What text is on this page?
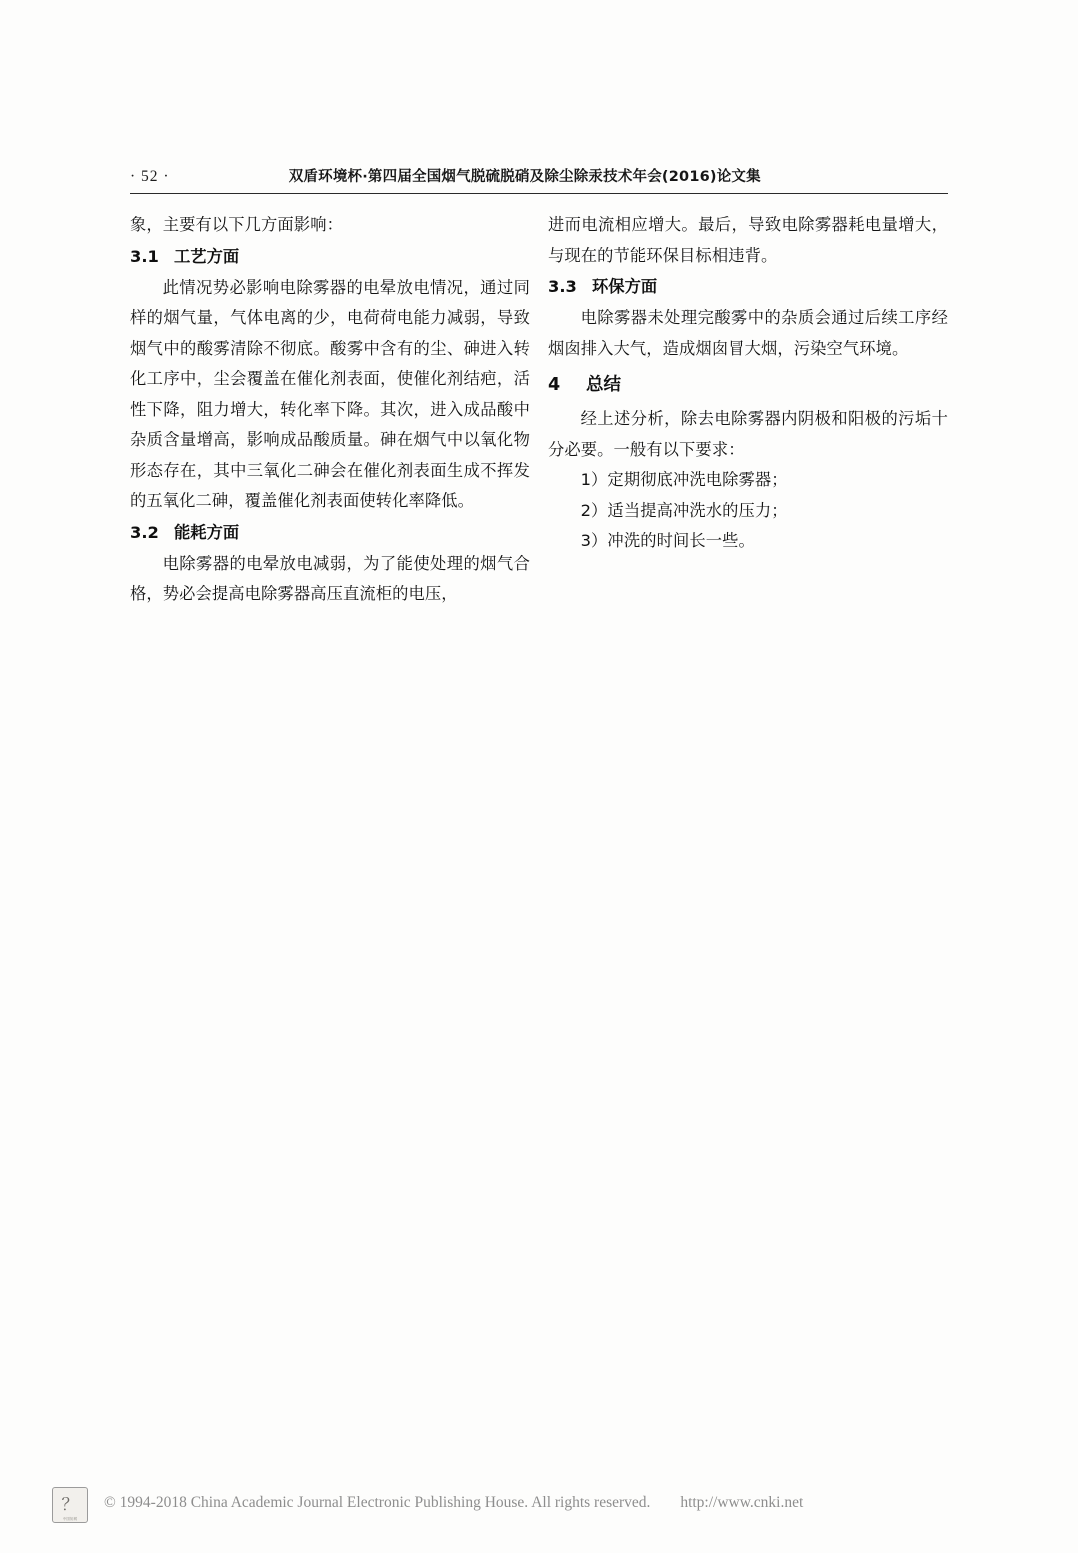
· 52 ·	双盾环境杯·第四届全国烟气脱硫脱硝及除尘除汞技术年会(2016)论文集

象，主要有以下几方面影响：

3.1 工艺方面

此情况势必影响电除雾器的电晕放电情况，通过同样的烟气量，气体电离的少，电荷荷电能力减弱，导致烟气中的酸雾清除不彻底。酸雾中含有的尘、砷进入转化工序中，尘会覆盖在催化剂表面，使催化剂结疤，活性下降，阻力增大，转化率下降。其次，进入成品酸中杂质含量增高，影响成品酸质量。砷在烟气中以氧化物形态存在，其中三氧化二砷会在催化剂表面生成不挥发的五氧化二砷，覆盖催化剂表面使转化率降低。

3.2 能耗方面

电除雾器的电晕放电减弱，为了能使处理的烟气合格，势必会提高电除雾器高压直流柜的电压，

进而电流相应增大。最后，导致电除雾器耗电量增大，与现在的节能环保目标相违背。

3.3 环保方面

电除雾器未处理完酸雾中的杂质会通过后续工序经烟囱排入大气，造成烟囱冒大烟，污染空气环境。

4	总结

经上述分析，除去电除雾器内阴极和阳极的污垢十分必要。一般有以下要求：

1）定期彻底冲洗电除雾器；

2）适当提高冲洗水的压力；

3）冲洗的时间长一些。

？
中国知网
© 1994-2018 China Academic Journal Electronic Publishing House. All rights reserved. http://www.cnki.net
